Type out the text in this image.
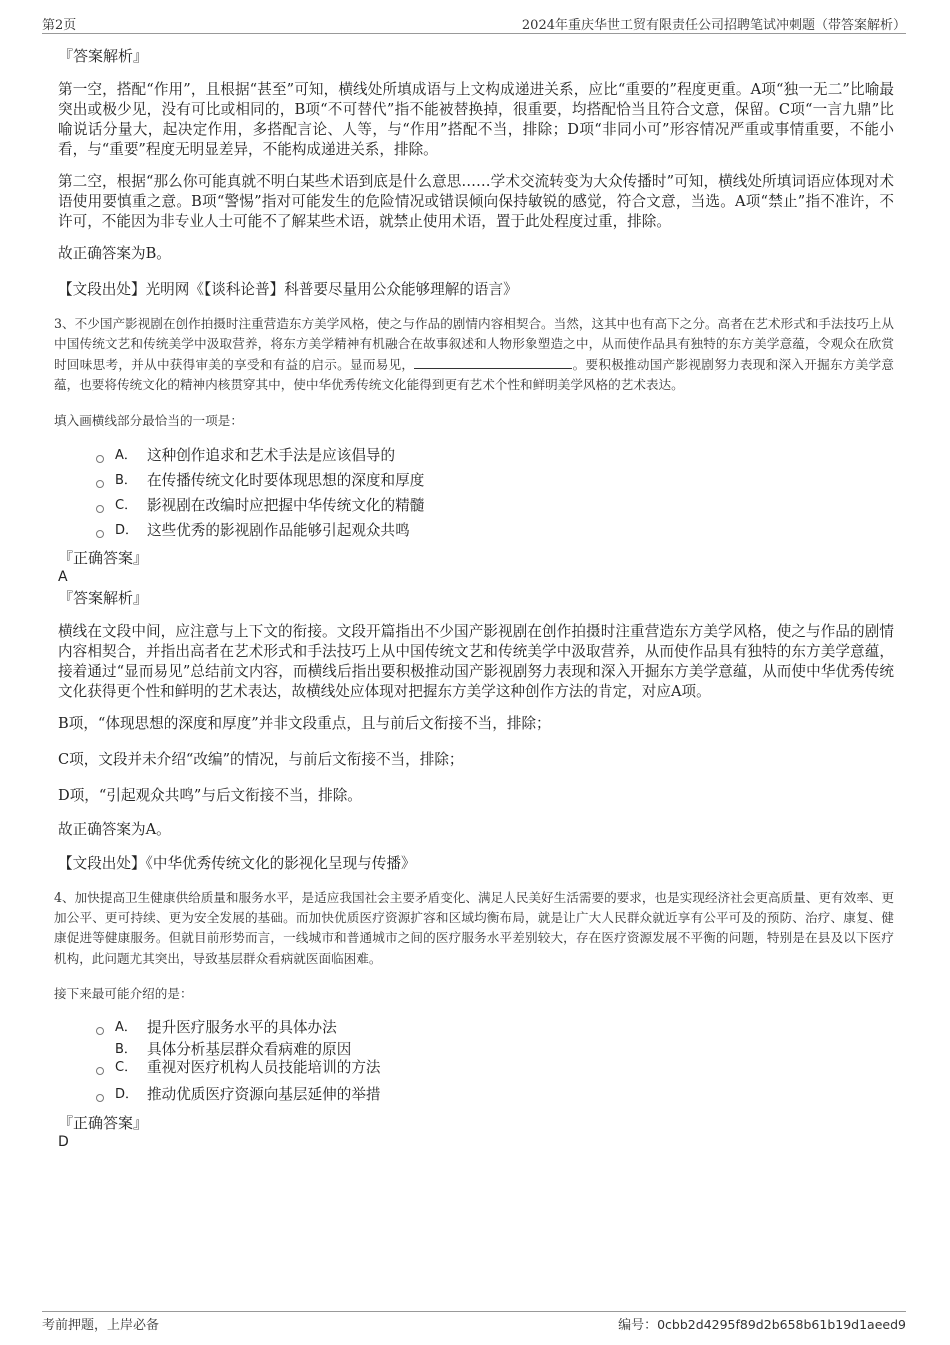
第2页	2024年重庆华世工贸有限责任公司招聘笔试冲刺题（带答案解析）

『答案解析』

第一空，搭配“作用”，且根据“甚至”可知，横线处所填成语与上文构成递进关系，应比“重要的”程度更重。A项“独一无二”比喻最突出或极少见，没有可比或相同的，B项“不可替代”指不能被替换掉，很重要，均搭配恰当且符合文意，保留。C项“一言九鼎”比喻说话分量大，起决定作用，多搭配言论、人等，与“作用”搭配不当，排除；D项“非同小可”形容情况严重或事情重要，不能小看，与“重要”程度无明显差异，不能构成递进关系，排除。

第二空，根据“那么你可能真就不明白某些术语到底是什么意思……学术交流转变为大众传播时”可知，横线处所填词语应体现对术语使用要慎重之意。B项“警惕”指对可能发生的危险情况或错误倾向保持敏锐的感觉，符合文意，当选。A项“禁止”指不准许，不许可，不能因为非专业人士可能不了解某些术语，就禁止使用术语，置于此处程度过重，排除。

故正确答案为B。

【文段出处】光明网《【谈科论普】科普要尽量用公众能够理解的语言》

3、不少国产影视剧在创作拍摄时注重营造东方美学风格，使之与作品的剧情内容相契合。当然，这其中也有高下之分。高者在艺术形式和手法技巧上从中国传统文艺和传统美学中汲取营养，将东方美学精神有机融合在故事叙述和人物形象塑造之中，从而使作品具有独特的东方美学意蕴，令观众在欣赏时回味思考，并从中获得审美的享受和有益的启示。显而易见，	。要积极推动国产影视剧努力表现和深入开掘东方美学意蕴，也要将传统文化的精神内核贯穿其中，使中华优秀传统文化能得到更有艺术个性和鲜明美学风格的艺术表达。

填入画横线部分最恰当的一项是：

A． 这种创作追求和艺术手法是应该倡导的
B． 在传播传统文化时要体现思想的深度和厚度
C． 影视剧在改编时应把握中华传统文化的精髓
D． 这些优秀的影视剧作品能够引起观众共鸣

『正确答案』

A

『答案解析』

横线在文段中间，应注意与上下文的衔接。文段开篇指出不少国产影视剧在创作拍摄时注重营造东方美学风格，使之与作品的剧情内容相契合，并指出高者在艺术形式和手法技巧上从中国传统文艺和传统美学中汲取营养，从而使作品具有独特的东方美学意蕴，接着通过“显而易见”总结前文内容，而横线后指出要积极推动国产影视剧努力表现和深入开掘东方美学意蕴，从而使中华优秀传统文化获得更个性和鲜明的艺术表达，故横线处应体现对把握东方美学这种创作方法的肯定，对应A项。

B项，“体现思想的深度和厚度”并非文段重点，且与前后文衔接不当，排除；

C项，文段并未介绍“改编”的情况，与前后文衔接不当，排除；

D项，“引起观众共鸣”与后文衔接不当，排除。

故正确答案为A。

【文段出处】《中华优秀传统文化的影视化呈现与传播》

4、加快提高卫生健康供给质量和服务水平，是适应我国社会主要矛盾变化、满足人民美好生活需要的要求，也是实现经济社会更高质量、更有效率、更加公平、更可持续、更为安全发展的基础。而加快优质医疗资源扩容和区域均衡布局，就是让广大人民群众就近享有公平可及的预防、治疗、康复、健康促进等健康服务。但就目前形势而言，一线城市和普通城市之间的医疗服务水平差别较大，存在医疗资源发展不平衡的问题，特别是在县及以下医疗机构，此问题尤其突出，导致基层群众看病就医面临困难。

接下来最可能介绍的是：

A． 提升医疗服务水平的具体办法
B． 具体分析基层群众看病难的原因
C． 重视对医疗机构人员技能培训的方法
D． 推动优质医疗资源向基层延伸的举措

『正确答案』

D

考前押题，上岸必备	编号：0cbb2d4295f89d2b658b61b19d1aeed9
